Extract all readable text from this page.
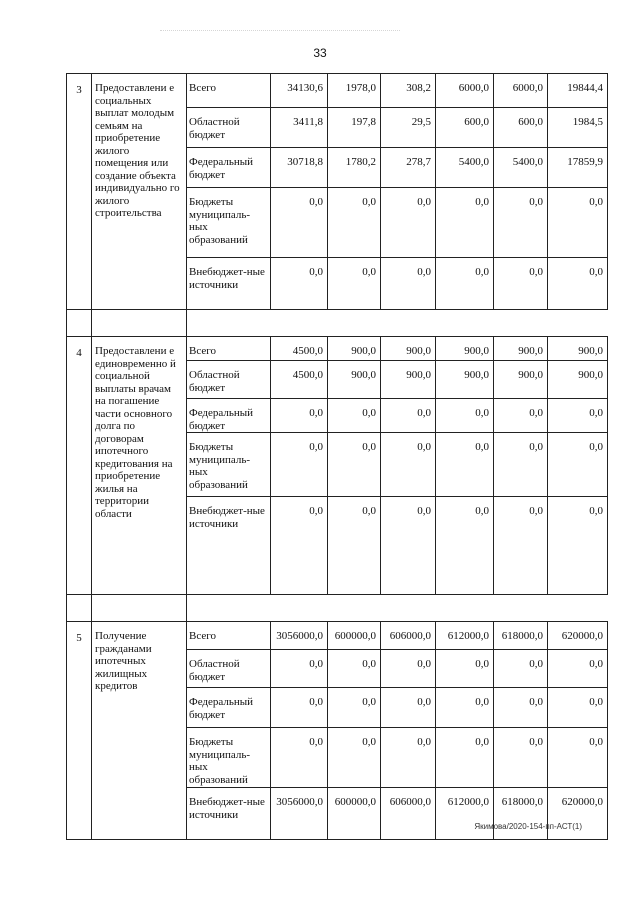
33
3	Предоставлени е социальных выплат молодым семьям на приобретение жилого помещения или создание объекта индивидуально го жилого строительства	Всего	34130,6	1978,0	308,2	6000,0	6000,0	19844,4
		Областной бюджет	3411,8	197,8	29,5	600,0	600,0	1984,5
		Федеральный бюджет	30718,8	1780,2	278,7	5400,0	5400,0	17859,9
		Бюджеты муниципаль-ных образований	0,0	0,0	0,0	0,0	0,0	0,0
		Внебюджет-ные источники	0,0	0,0	0,0	0,0	0,0	0,0

4	Предоставлени е единовременно й социальной выплаты врачам на погашение части основного долга по договорам ипотечного кредитования на приобретение жилья на территории области	Всего	4500,0	900,0	900,0	900,0	900,0	900,0
		Областной бюджет	4500,0	900,0	900,0	900,0	900,0	900,0
		Федеральный бюджет	0,0	0,0	0,0	0,0	0,0	0,0
		Бюджеты муниципаль-ных образований	0,0	0,0	0,0	0,0	0,0	0,0
		Внебюджет-ные источники	0,0	0,0	0,0	0,0	0,0	0,0

5	Получение гражданами ипотечных жилищных кредитов	Всего	3056000,0	600000,0	606000,0	612000,0	618000,0	620000,0
		Областной бюджет	0,0	0,0	0,0	0,0	0,0	0,0
		Федеральный бюджет	0,0	0,0	0,0	0,0	0,0	0,0
		Бюджеты муниципаль-ных образований	0,0	0,0	0,0	0,0	0,0	0,0
		Внебюджет-ные источники	3056000,0	600000,0	606000,0	612000,0	618000,0	620000,0
Якимова/2020-154-пп-АСТ(1)
